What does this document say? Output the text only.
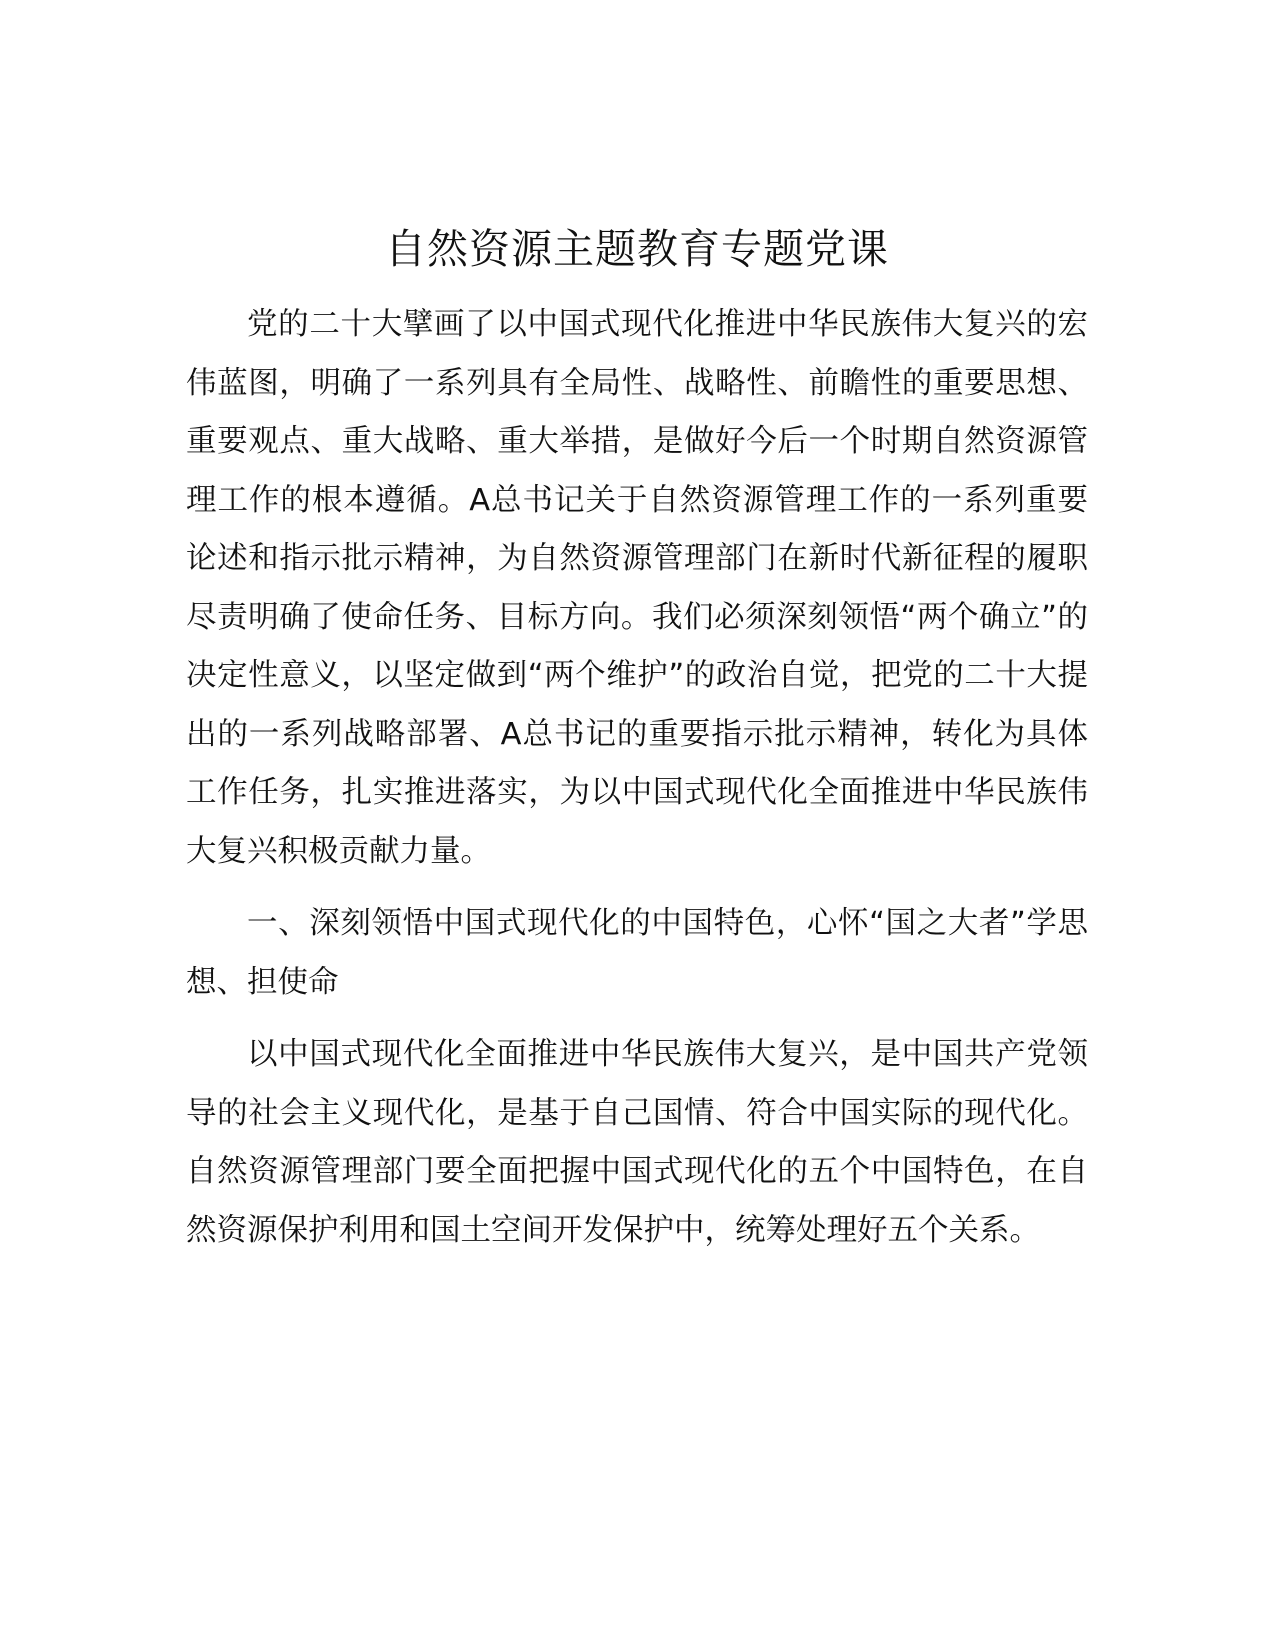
自然资源主题教育专题党课

党的二十大擘画了以中国式现代化推进中华民族伟大复兴的宏伟蓝图，明确了一系列具有全局性、战略性、前瞻性的重要思想、重要观点、重大战略、重大举措，是做好今后一个时期自然资源管理工作的根本遵循。A总书记关于自然资源管理工作的一系列重要论述和指示批示精神，为自然资源管理部门在新时代新征程的履职尽责明确了使命任务、目标方向。我们必须深刻领悟“两个确立”的决定性意义，以坚定做到“两个维护”的政治自觉，把党的二十大提出的一系列战略部署、A总书记的重要指示批示精神，转化为具体工作任务，扎实推进落实，为以中国式现代化全面推进中华民族伟大复兴积极贡献力量。

一、深刻领悟中国式现代化的中国特色，心怀“国之大者”学思想、担使命

以中国式现代化全面推进中华民族伟大复兴，是中国共产党领导的社会主义现代化，是基于自己国情、符合中国实际的现代化。自然资源管理部门要全面把握中国式现代化的五个中国特色，在自然资源保护利用和国土空间开发保护中，统筹处理好五个关系。
